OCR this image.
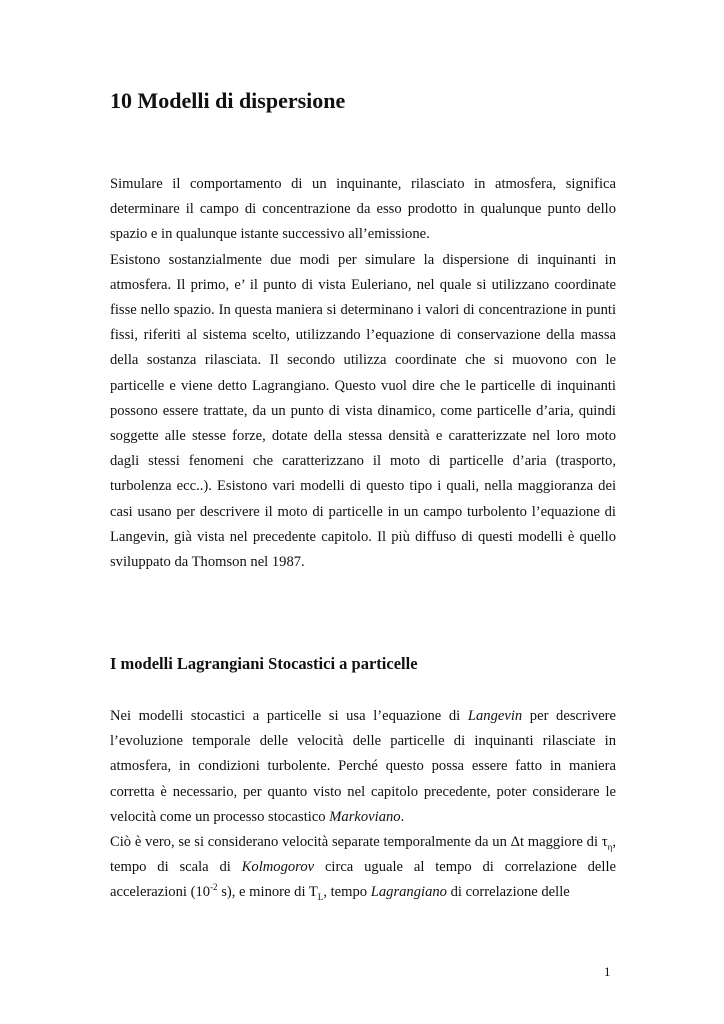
10 Modelli di dispersione

Simulare il comportamento di un inquinante, rilasciato in atmosfera, significa determinare il campo di concentrazione da esso prodotto in qualunque punto dello spazio e in qualunque istante successivo all’emissione.

Esistono sostanzialmente due modi per simulare la dispersione di inquinanti in atmosfera. Il primo, e’ il punto di vista Euleriano, nel quale si utilizzano coordinate fisse nello spazio. In questa maniera si determinano i valori di concentrazione in punti fissi, riferiti al sistema scelto, utilizzando l’equazione di conservazione della massa della sostanza rilasciata. Il secondo utilizza coordinate che si muovono con le particelle e viene detto Lagrangiano. Questo vuol dire che le particelle di inquinanti possono essere trattate, da un punto di vista dinamico, come particelle d’aria, quindi soggette alle stesse forze, dotate della stessa densità e caratterizzate nel loro moto dagli stessi fenomeni che caratterizzano il moto di particelle d’aria (trasporto, turbolenza ecc..). Esistono vari modelli di questo tipo i quali, nella maggioranza dei casi usano per descrivere il moto di particelle in un campo turbolento l’equazione di Langevin, già vista nel precedente capitolo. Il più diffuso di questi modelli è quello sviluppato da Thomson nel 1987.

I modelli Lagrangiani Stocastici a particelle

Nei modelli stocastici a particelle si usa l’equazione di Langevin per descrivere l’evoluzione temporale delle velocità delle particelle di inquinanti rilasciate in atmosfera, in condizioni turbolente. Perché questo possa essere fatto in maniera corretta è necessario, per quanto visto nel capitolo precedente, poter considerare le velocità come un processo stocastico Markoviano.

Ciò è vero, se si considerano velocità separate temporalmente da un Δt maggiore di $\tau_\eta$, tempo di scala di Kolmogorov circa uguale al tempo di correlazione delle accelerazioni ($10^{-2}$ s), e minore di $T_L$, tempo Lagrangiano di correlazione delle

1
